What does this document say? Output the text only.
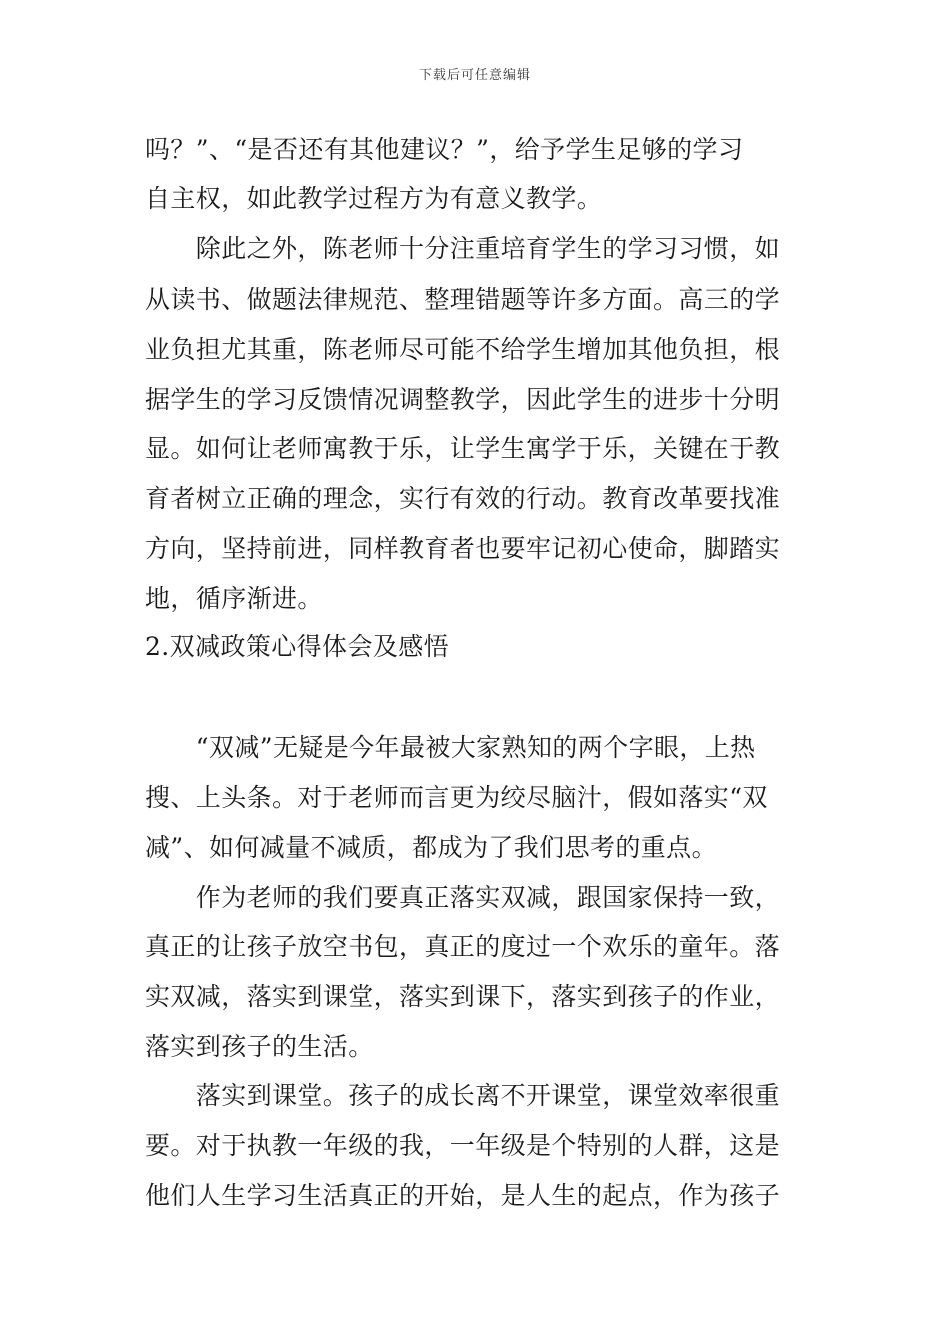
下载后可任意编辑
吗？”、“是否还有其他建议？”，给予学生足够的学习
自主权，如此教学过程方为有意义教学。
　　除此之外，陈老师十分注重培育学生的学习习惯，如
从读书、做题法律规范、整理错题等许多方面。高三的学
业负担尤其重，陈老师尽可能不给学生增加其他负担，根
据学生的学习反馈情况调整教学，因此学生的进步十分明
显。如何让老师寓教于乐，让学生寓学于乐，关键在于教
育者树立正确的理念，实行有效的行动。教育改革要找准
方向，坚持前进，同样教育者也要牢记初心使命，脚踏实
地，循序渐进。
2.双减政策心得体会及感悟
　　“双减”无疑是今年最被大家熟知的两个字眼，上热
搜、上头条。对于老师而言更为绞尽脑汁，假如落实“双
减”、如何减量不减质，都成为了我们思考的重点。
　　作为老师的我们要真正落实双减，跟国家保持一致，
真正的让孩子放空书包，真正的度过一个欢乐的童年。落
实双减，落实到课堂，落实到课下，落实到孩子的作业，
落实到孩子的生活。
　　落实到课堂。孩子的成长离不开课堂，课堂效率很重
要。对于执教一年级的我，一年级是个特别的人群，这是
他们人生学习生活真正的开始，是人生的起点，作为孩子
